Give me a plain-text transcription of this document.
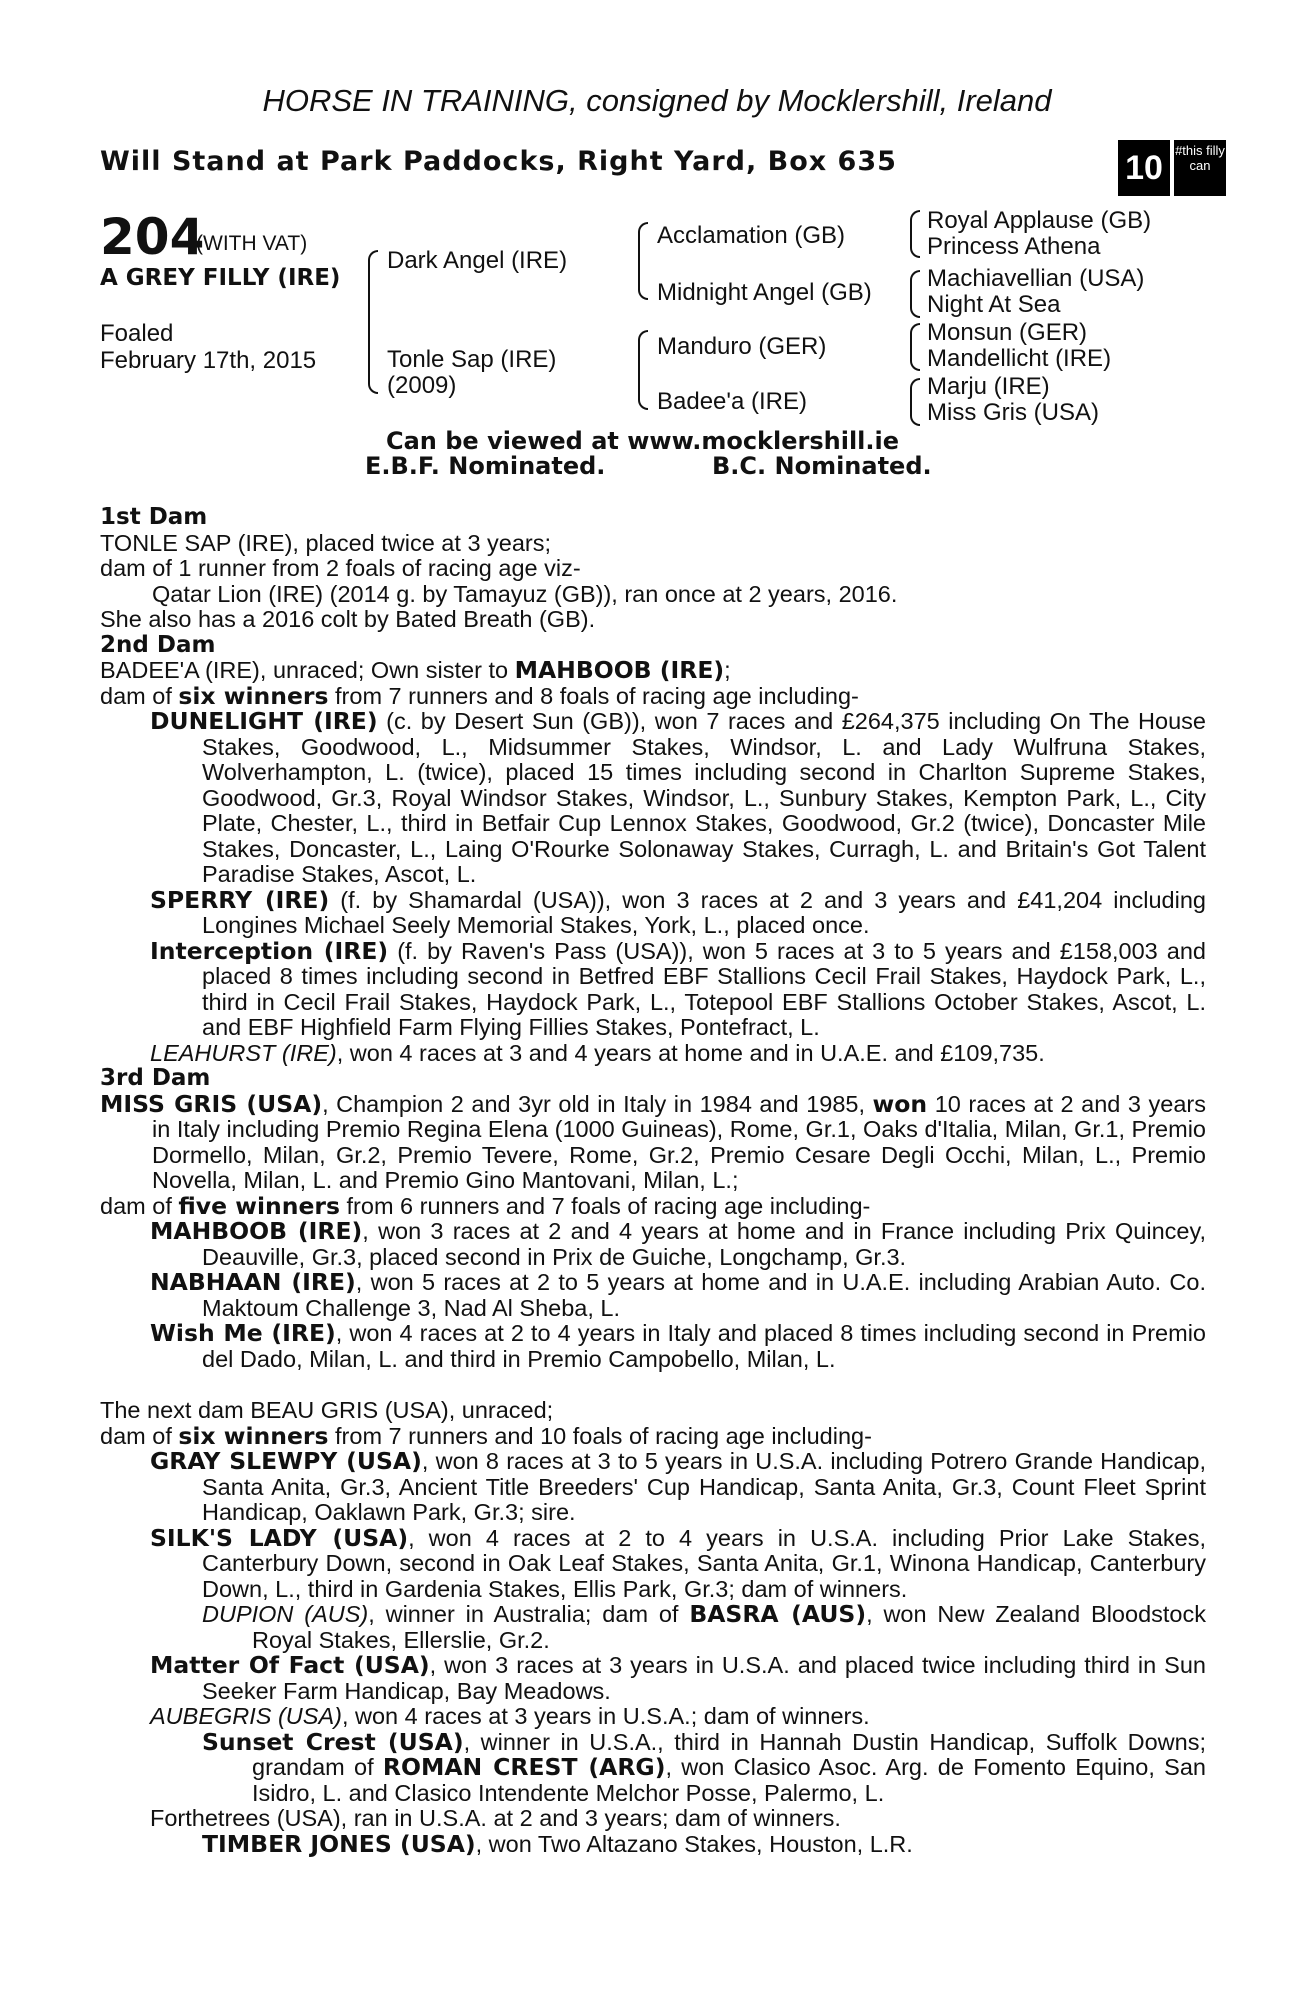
HORSE IN TRAINING, consigned by Mocklershill, Ireland
Will Stand at Park Paddocks, Right Yard, Box 635	10 #this filly can
204
(WITH VAT)
A GREY FILLY (IRE)
Foaled
February 17th, 2015
Dark Angel (IRE)
Tonle Sap (IRE)
(2009)
Acclamation (GB)
Midnight Angel (GB)
Manduro (GER)
Badee'a (IRE)
Royal Applause (GB)
Princess Athena
Machiavellian (USA)
Night At Sea
Monsun (GER)
Mandellicht (IRE)
Marju (IRE)
Miss Gris (USA)
Can be viewed at www.mocklershill.ie
E.B.F. Nominated.	B.C. Nominated.

1st Dam

TONLE SAP (IRE), placed twice at 3 years;

dam of 1 runner from 2 foals of racing age viz-

Qatar Lion (IRE) (2014 g. by Tamayuz (GB)), ran once at 2 years, 2016.

She also has a 2016 colt by Bated Breath (GB).

2nd Dam

BADEE'A (IRE), unraced; Own sister to MAHBOOB (IRE);

dam of six winners from 7 runners and 8 foals of racing age including-

DUNELIGHT (IRE) (c. by Desert Sun (GB)), won 7 races and £264,375 including On The House Stakes, Goodwood, L., Midsummer Stakes, Windsor, L. and Lady Wulfruna Stakes, Wolverhampton, L. (twice), placed 15 times including second in Charlton Supreme Stakes, Goodwood, Gr.3, Royal Windsor Stakes, Windsor, L., Sunbury Stakes, Kempton Park, L., City Plate, Chester, L., third in Betfair Cup Lennox Stakes, Goodwood, Gr.2 (twice), Doncaster Mile Stakes, Doncaster, L., Laing O'Rourke Solonaway Stakes, Curragh, L. and Britain's Got Talent Paradise Stakes, Ascot, L.

SPERRY (IRE) (f. by Shamardal (USA)), won 3 races at 2 and 3 years and £41,204 including Longines Michael Seely Memorial Stakes, York, L., placed once.

Interception (IRE) (f. by Raven's Pass (USA)), won 5 races at 3 to 5 years and £158,003 and placed 8 times including second in Betfred EBF Stallions Cecil Frail Stakes, Haydock Park, L., third in Cecil Frail Stakes, Haydock Park, L., Totepool EBF Stallions October Stakes, Ascot, L. and EBF Highfield Farm Flying Fillies Stakes, Pontefract, L.

LEAHURST (IRE), won 4 races at 3 and 4 years at home and in U.A.E. and £109,735.

3rd Dam

MISS GRIS (USA), Champion 2 and 3yr old in Italy in 1984 and 1985, won 10 races at 2 and 3 years in Italy including Premio Regina Elena (1000 Guineas), Rome, Gr.1, Oaks d'Italia, Milan, Gr.1, Premio Dormello, Milan, Gr.2, Premio Tevere, Rome, Gr.2, Premio Cesare Degli Occhi, Milan, L., Premio Novella, Milan, L. and Premio Gino Mantovani, Milan, L.;

dam of five winners from 6 runners and 7 foals of racing age including-

MAHBOOB (IRE), won 3 races at 2 and 4 years at home and in France including Prix Quincey, Deauville, Gr.3, placed second in Prix de Guiche, Longchamp, Gr.3.

NABHAAN (IRE), won 5 races at 2 to 5 years at home and in U.A.E. including Arabian Auto. Co. Maktoum Challenge 3, Nad Al Sheba, L.

Wish Me (IRE), won 4 races at 2 to 4 years in Italy and placed 8 times including second in Premio del Dado, Milan, L. and third in Premio Campobello, Milan, L.

The next dam BEAU GRIS (USA), unraced;

dam of six winners from 7 runners and 10 foals of racing age including-

GRAY SLEWPY (USA), won 8 races at 3 to 5 years in U.S.A. including Potrero Grande Handicap, Santa Anita, Gr.3, Ancient Title Breeders' Cup Handicap, Santa Anita, Gr.3, Count Fleet Sprint Handicap, Oaklawn Park, Gr.3; sire.

SILK'S LADY (USA), won 4 races at 2 to 4 years in U.S.A. including Prior Lake Stakes, Canterbury Down, second in Oak Leaf Stakes, Santa Anita, Gr.1, Winona Handicap, Canterbury Down, L., third in Gardenia Stakes, Ellis Park, Gr.3; dam of winners.

DUPION (AUS), winner in Australia; dam of BASRA (AUS), won New Zealand Bloodstock Royal Stakes, Ellerslie, Gr.2.

Matter Of Fact (USA), won 3 races at 3 years in U.S.A. and placed twice including third in Sun Seeker Farm Handicap, Bay Meadows.

AUBEGRIS (USA), won 4 races at 3 years in U.S.A.; dam of winners.

Sunset Crest (USA), winner in U.S.A., third in Hannah Dustin Handicap, Suffolk Downs; grandam of ROMAN CREST (ARG), won Clasico Asoc. Arg. de Fomento Equino, San Isidro, L. and Clasico Intendente Melchor Posse, Palermo, L.

Forthetrees (USA), ran in U.S.A. at 2 and 3 years; dam of winners.

TIMBER JONES (USA), won Two Altazano Stakes, Houston, L.R.
